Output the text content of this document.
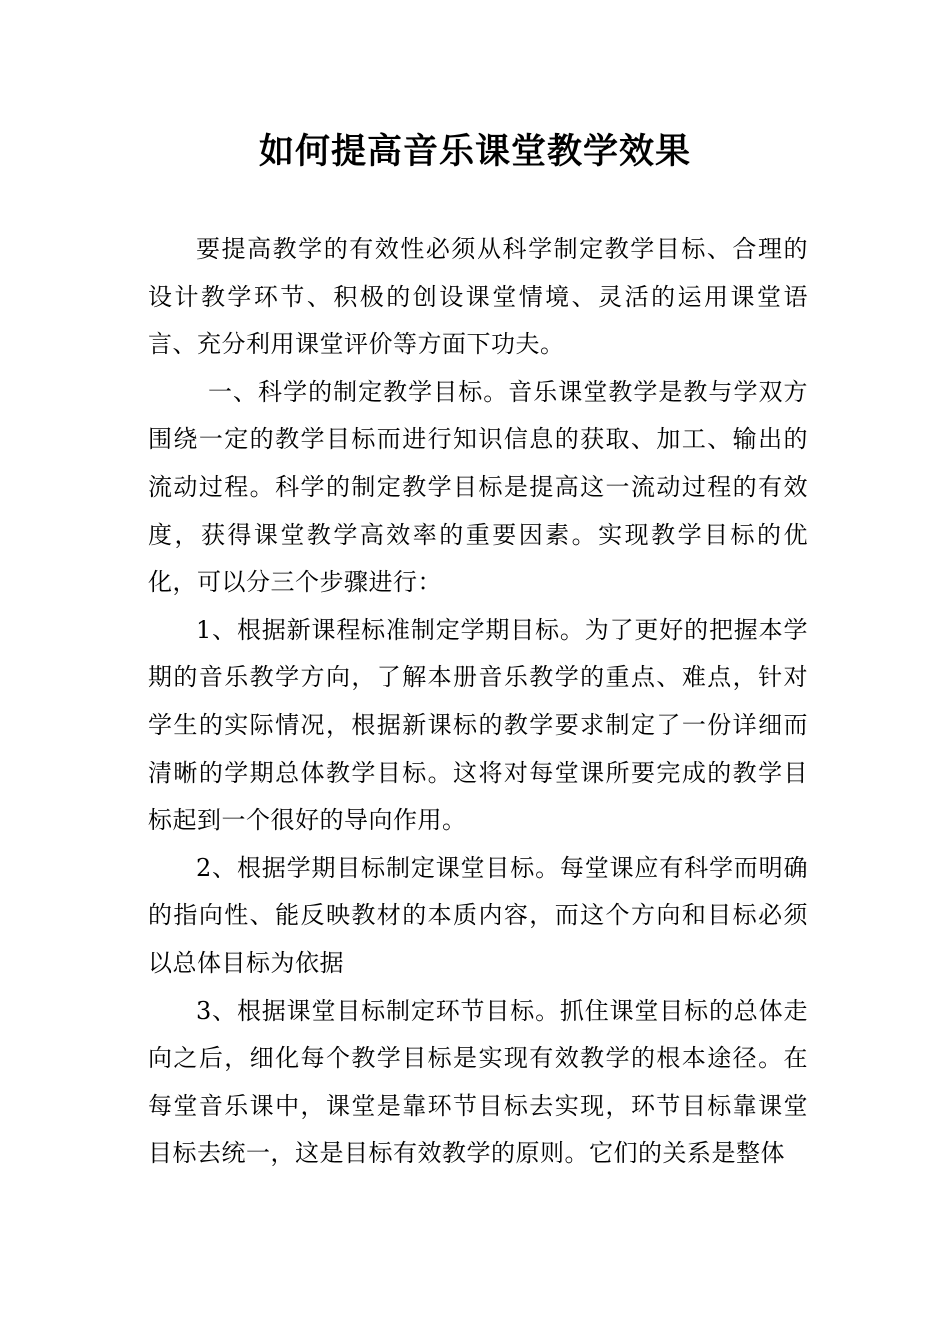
如何提高音乐课堂教学效果

要提高教学的有效性必须从科学制定教学目标、合理的设计教学环节、积极的创设课堂情境、灵活的运用课堂语言、充分利用课堂评价等方面下功夫。

一、科学的制定教学目标。音乐课堂教学是教与学双方围绕一定的教学目标而进行知识信息的获取、加工、输出的流动过程。科学的制定教学目标是提高这一流动过程的有效度，获得课堂教学高效率的重要因素。实现教学目标的优化，可以分三个步骤进行：

1、根据新课程标准制定学期目标。为了更好的把握本学期的音乐教学方向，了解本册音乐教学的重点、难点，针对学生的实际情况，根据新课标的教学要求制定了一份详细而清晰的学期总体教学目标。这将对每堂课所要完成的教学目标起到一个很好的导向作用。

2、根据学期目标制定课堂目标。每堂课应有科学而明确的指向性、能反映教材的本质内容，而这个方向和目标必须以总体目标为依据

3、根据课堂目标制定环节目标。抓住课堂目标的总体走向之后，细化每个教学目标是实现有效教学的根本途径。在每堂音乐课中，课堂是靠环节目标去实现，环节目标靠课堂目标去统一，这是目标有效教学的原则。它们的关系是整体
